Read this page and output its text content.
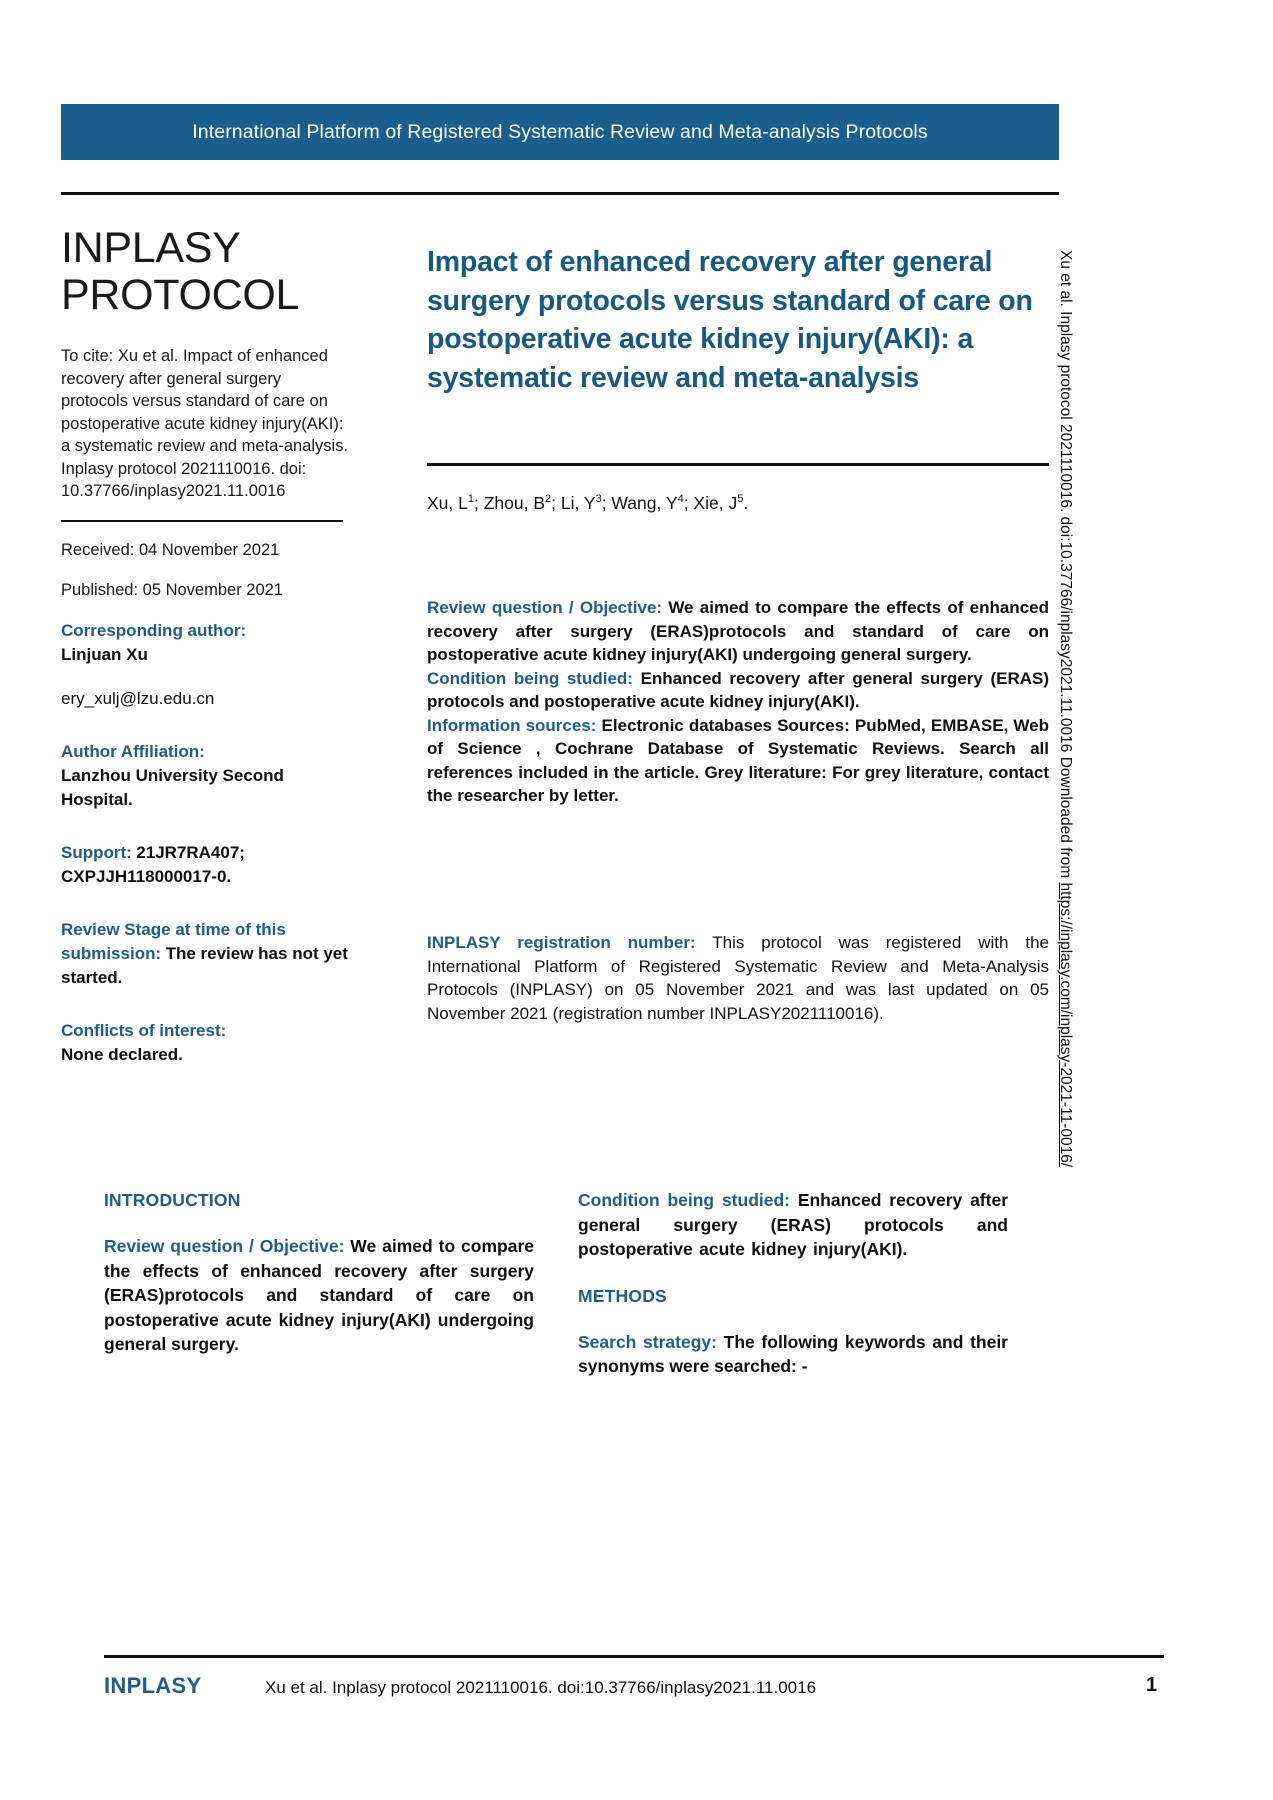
International Platform of Registered Systematic Review and Meta-analysis Protocols
INPLASY
PROTOCOL
To cite: Xu et al. Impact of enhanced recovery after general surgery protocols versus standard of care on postoperative acute kidney injury(AKI): a systematic review and meta-analysis. Inplasy protocol 2021110016. doi: 10.37766/inplasy2021.11.0016
Received: 04 November 2021
Published: 05 November 2021
Corresponding author:
Linjuan Xu
ery_xulj@lzu.edu.cn
Author Affiliation:
Lanzhou University Second Hospital.
Support: 21JR7RA407; CXPJJH118000017-0.
Review Stage at time of this submission: The review has not yet started.
Conflicts of interest:
None declared.
Impact of enhanced recovery after general surgery protocols versus standard of care on postoperative acute kidney injury(AKI): a systematic review and meta-analysis
Xu, $L^1$; Zhou, $B^2$; Li, $Y^3$; Wang, $Y^4$; Xie, $J^5$.

Review question / Objective: We aimed to compare the effects of enhanced recovery after surgery (ERAS)protocols and standard of care on postoperative acute kidney injury(AKI) undergoing general surgery.

Condition being studied: Enhanced recovery after general surgery (ERAS) protocols and postoperative acute kidney injury(AKI).

Information sources: Electronic databases Sources: PubMed, EMBASE, Web of Science , Cochrane Database of Systematic Reviews. Search all references included in the article. Grey literature: For grey literature, contact the researcher by letter.

INPLASY registration number: This protocol was registered with the International Platform of Registered Systematic Review and Meta-Analysis Protocols (INPLASY) on 05 November 2021 and was last updated on 05 November 2021 (registration number INPLASY2021110016).
INTRODUCTION

Review question / Objective: We aimed to compare the effects of enhanced recovery after surgery (ERAS)protocols and standard of care on postoperative acute kidney injury(AKI) undergoing general surgery.

Condition being studied: Enhanced recovery after general surgery (ERAS) protocols and postoperative acute kidney injury(AKI).

METHODS

Search strategy: The following keywords and their synonyms were searched: -

INPLASY	Xu et al. Inplasy protocol 2021110016. doi:10.37766/inplasy2021.11.0016	1
Xu et al. Inplasy protocol 2021110016. doi:10.37766/inplasy2021.11.0016 Downloaded from https://inplasy.com/inplasy-2021-11-0016/
